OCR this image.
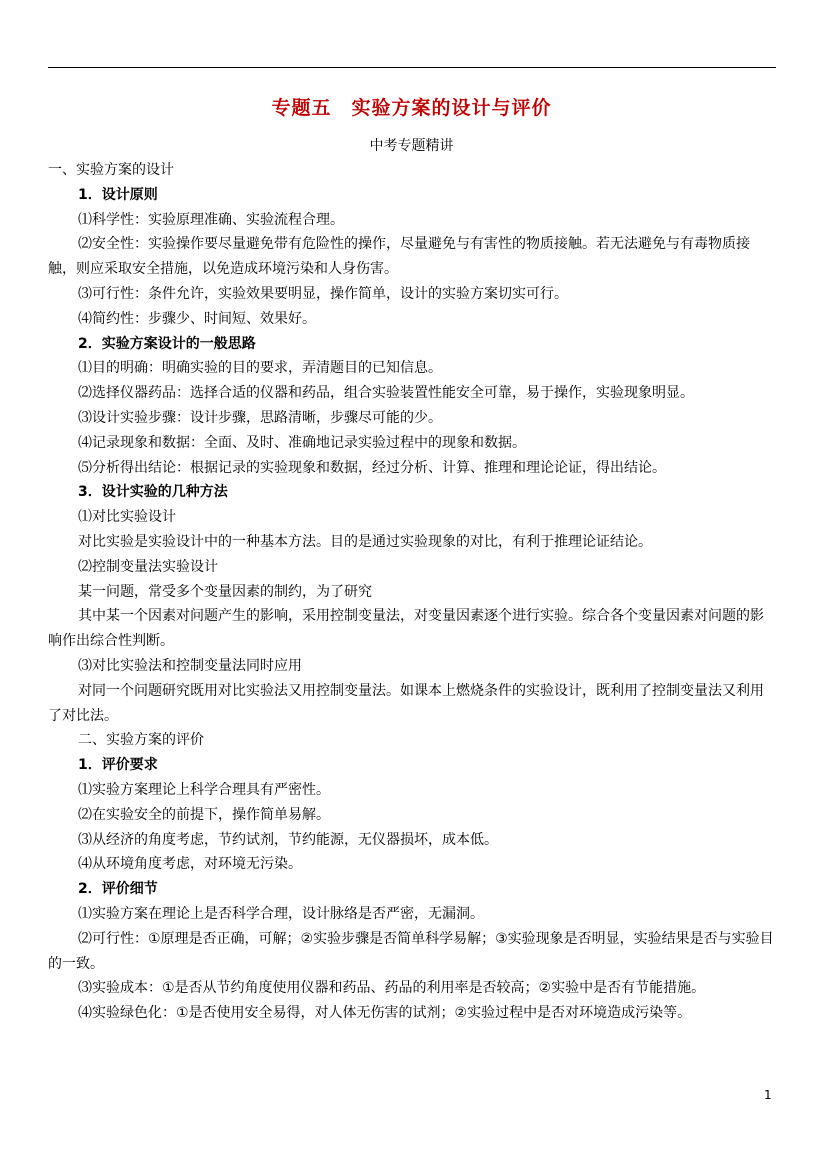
专题五　实验方案的设计与评价
中考专题精讲

一、实验方案的设计

1．设计原则

⑴科学性：实验原理准确、实验流程合理。

⑵安全性：实验操作要尽量避免带有危险性的操作，尽量避免与有害性的物质接触。若无法避免与有毒物质接触，则应采取安全措施，以免造成环境污染和人身伤害。

⑶可行性：条件允许，实验效果要明显，操作简单，设计的实验方案切实可行。

⑷简约性：步骤少、时间短、效果好。

2．实验方案设计的一般思路

⑴目的明确：明确实验的目的要求，弄清题目的已知信息。

⑵选择仪器药品：选择合适的仪器和药品，组合实验装置性能安全可靠，易于操作，实验现象明显。

⑶设计实验步骤：设计步骤，思路清晰，步骤尽可能的少。

⑷记录现象和数据：全面、及时、准确地记录实验过程中的现象和数据。

⑸分析得出结论：根据记录的实验现象和数据，经过分析、计算、推理和理论论证，得出结论。

3．设计实验的几种方法

⑴对比实验设计

对比实验是实验设计中的一种基本方法。目的是通过实验现象的对比，有利于推理论证结论。

⑵控制变量法实验设计

某一问题，常受多个变量因素的制约，为了研究

其中某一个因素对问题产生的影响，采用控制变量法，对变量因素逐个进行实验。综合各个变量因素对问题的影响作出综合性判断。

⑶对比实验法和控制变量法同时应用

对同一个问题研究既用对比实验法又用控制变量法。如课本上燃烧条件的实验设计，既利用了控制变量法又利用了对比法。

二、实验方案的评价

1．评价要求

⑴实验方案理论上科学合理具有严密性。

⑵在实验安全的前提下，操作简单易解。

⑶从经济的角度考虑，节约试剂，节约能源，无仪器损坏，成本低。

⑷从环境角度考虑，对环境无污染。

2．评价细节

⑴实验方案在理论上是否科学合理，设计脉络是否严密，无漏洞。

⑵可行性：①原理是否正确，可解；②实验步骤是否简单科学易解；③实验现象是否明显，实验结果是否与实验目的一致。

⑶实验成本：①是否从节约角度使用仪器和药品、药品的利用率是否较高；②实验中是否有节能措施。

⑷实验绿色化：①是否使用安全易得，对人体无伤害的试剂；②实验过程中是否对环境造成污染等。

1
